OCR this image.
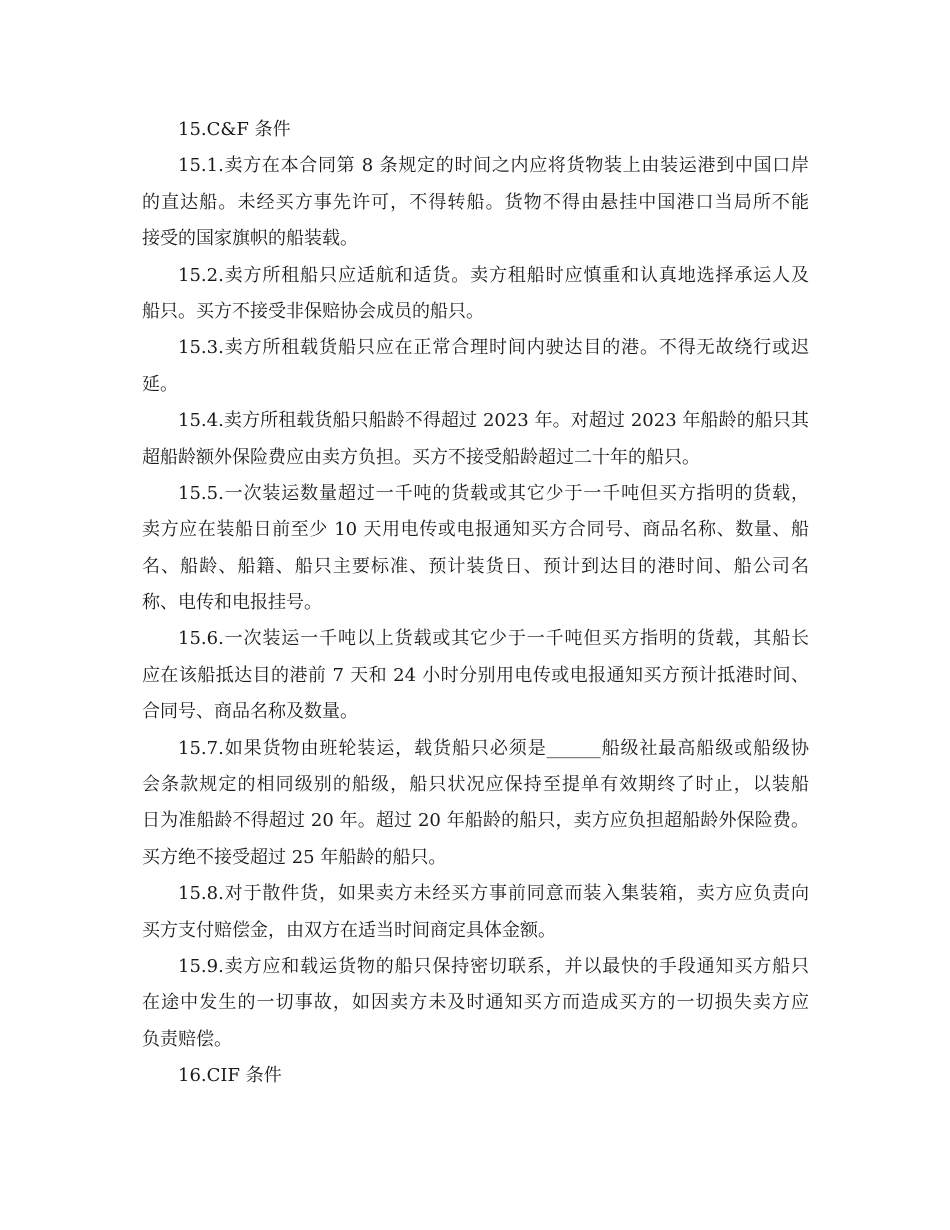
15.C&F 条件
15.1.卖方在本合同第 8 条规定的时间之内应将货物装上由装运港到中国口岸
的直达船。未经买方事先许可，不得转船。货物不得由悬挂中国港口当局所不能
接受的国家旗帜的船装载。
15.2.卖方所租船只应适航和适货。卖方租船时应慎重和认真地选择承运人及
船只。买方不接受非保赔协会成员的船只。
15.3.卖方所租载货船只应在正常合理时间内驶达目的港。不得无故绕行或迟
延。
15.4.卖方所租载货船只船龄不得超过 2023 年。对超过 2023 年船龄的船只其
超船龄额外保险费应由卖方负担。买方不接受船龄超过二十年的船只。
15.5.一次装运数量超过一千吨的货载或其它少于一千吨但买方指明的货载，
卖方应在装船日前至少 10 天用电传或电报通知买方合同号、商品名称、数量、船
名、船龄、船籍、船只主要标准、预计装货日、预计到达目的港时间、船公司名
称、电传和电报挂号。
15.6.一次装运一千吨以上货载或其它少于一千吨但买方指明的货载，其船长
应在该船抵达目的港前 7 天和 24 小时分别用电传或电报通知买方预计抵港时间、
合同号、商品名称及数量。
15.7.如果货物由班轮装运，载货船只必须是______船级社最高船级或船级协
会条款规定的相同级别的船级，船只状况应保持至提单有效期终了时止，以装船
日为准船龄不得超过 20 年。超过 20 年船龄的船只，卖方应负担超船龄外保险费。
买方绝不接受超过 25 年船龄的船只。
15.8.对于散件货，如果卖方未经买方事前同意而装入集装箱，卖方应负责向
买方支付赔偿金，由双方在适当时间商定具体金额。
15.9.卖方应和载运货物的船只保持密切联系，并以最快的手段通知买方船只
在途中发生的一切事故，如因卖方未及时通知买方而造成买方的一切损失卖方应
负责赔偿。
16.CIF 条件
